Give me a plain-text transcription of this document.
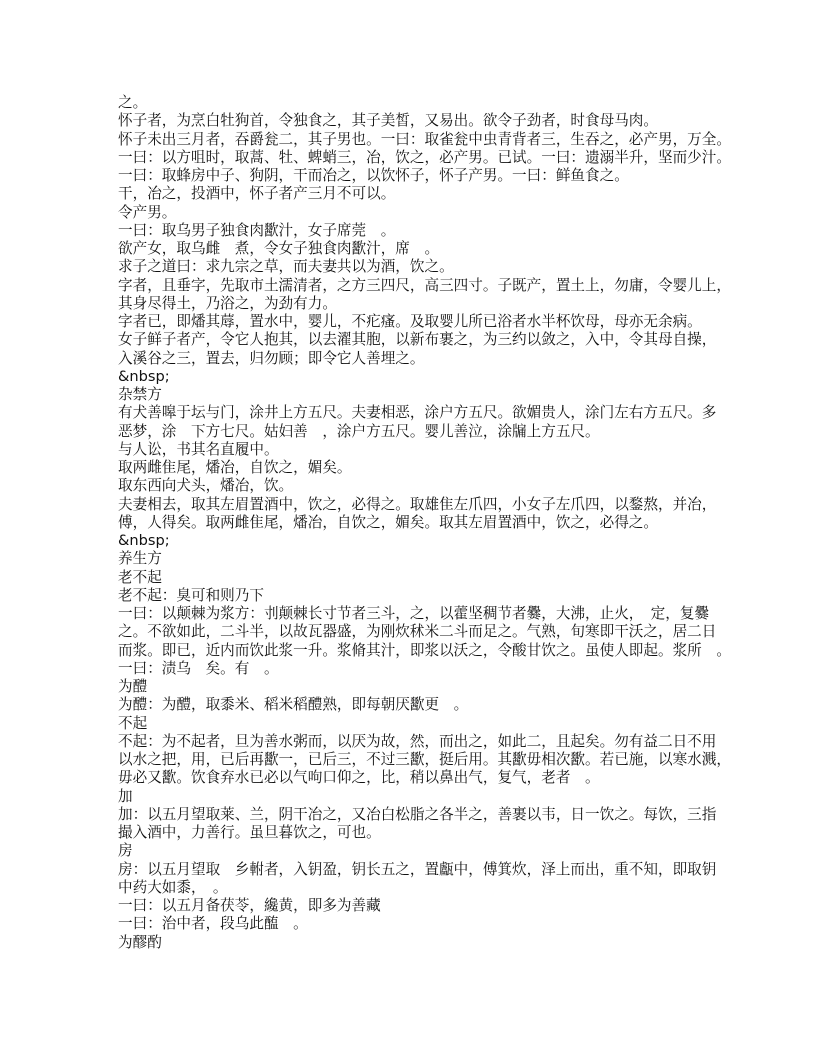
之。
怀子者，为烹白牡狗首，令独食之，其子美皙，又易出。欲令子劲者，时食母马肉。
怀子未出三月者，吞爵瓮二，其子男也。一曰：取雀瓮中虫青背者三，生吞之，必产男，万全。
一曰：以方咀时，取蒿、牡、蜱蛸三，冶，饮之，必产男。已试。一曰：遗溺半升，坚而少汁。
一曰：取蜂房中子、狗阴，干而冶之，以饮怀子，怀子产男。一曰：鲜鱼食之。
干，冶之，投酒中，怀子者产三月不可以。
令产男。
一曰：取乌男子独食肉歠汁，女子席莞　。
欲产女，取乌雌　煮，令女子独食肉歠汁，席　。
求子之道曰：求九宗之草，而夫妻共以为酒，饮之。
字者，且垂字，先取市土濡清者，之方三四尺，高三四寸。子既产，置土上，勿庸，令婴儿上，
其身尽得土，乃浴之，为劲有力。
字者已，即燔其蓐，置水中，婴儿，不疕瘙。及取婴儿所已浴者水半杯饮母，母亦无余病。
女子鲜子者产，令它人抱其，以去濯其胞，以新布裹之，为三约以敛之，入中，令其母自操，
入溪谷之三，置去，归勿顾；即令它人善埋之。
&nbsp;
杂禁方
有犬善嗥于坛与门，涂井上方五尺。夫妻相恶，涂户方五尺。欲媚贵人，涂门左右方五尺。多
恶梦，涂　下方七尺。姑妇善　，涂户方五尺。婴儿善泣，涂牖上方五尺。
与人讼，书其名直履中。
取两雌隹尾，燔冶，自饮之，媚矣。
取东西向犬头，燔冶，饮。
夫妻相去，取其左眉置酒中，饮之，必得之。取雄隹左爪四，小女子左爪四，以鍪熬，并冶，
傅，人得矣。取两雌隹尾，燔冶，自饮之，媚矣。取其左眉置酒中，饮之，必得之。
&nbsp;
养生方
老不起
老不起：臭可和则乃下
一曰：以颠棘为浆方：刌颠棘长寸节者三斗，之，以藿坚稠节者爨，大沸，止火，　定，复爨
之。不欲如此，二斗半，以故瓦器盛，为刚炊秫米二斗而足之。气熟，旬寒即干沃之，居二日
而浆。即已，近内而饮此浆一升。浆脩其汁，即浆以沃之，令酸甘饮之。虽使人即起。浆所　。
一曰：渍乌　矣。有　。
为醴
为醴：为醴，取黍米、稻米稻醴熟，即每朝厌歠更　。
不起
不起：为不起者，旦为善水粥而，以厌为故，然，而出之，如此二，且起矣。勿有益二日不用
以水之把，用，已后再歠一，已后三，不过三歠，挺后用。其歠毋相次歠。若已施，以寒水溅，
毋必又歠。饮食弃水已必以气呴口仰之，比，稍以鼻出气，复气，老者　。
加
加：以五月望取莱、兰，阴干冶之，又冶白松脂之各半之，善裹以韦，日一饮之。每饮，三指
撮入酒中，力善行。虽旦暮饮之，可也。
房
房：以五月望取　乡軵者，入钥盈，钥长五之，置甗中，傅箕炊，泽上而出，重不知，即取钥
中药大如黍，　。
一曰：以五月备茯苓，纔黄，即多为善藏
一曰：治中者，段乌此醢　。
为醪酌
